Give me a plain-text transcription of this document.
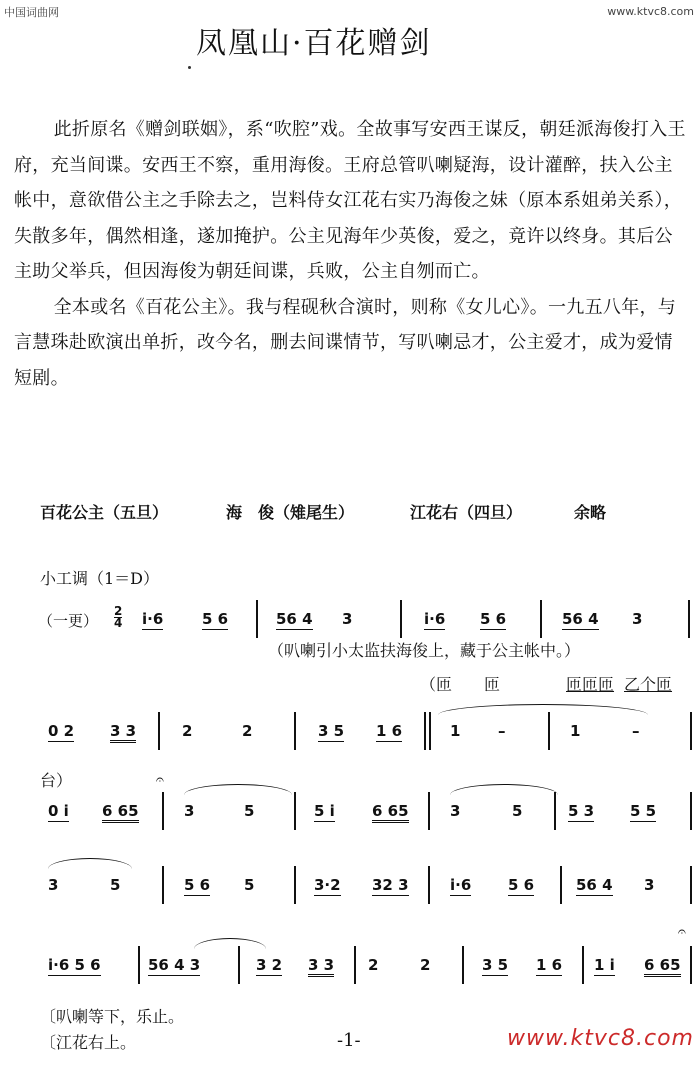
中国词曲网	www.ktvc8.com
凤凰山·百花赠剑

此折原名《赠剑联姻》，系“吹腔”戏。全故事写安西王谋反，朝廷派海俊打入王府，充当间谍。安西王不察，重用海俊。王府总管叭喇疑海，设计灌醉，扶入公主帐中，意欲借公主之手除去之，岂料侍女江花右实乃海俊之妹（原本系姐弟关系），失散多年，偶然相逢，遂加掩护。公主见海年少英俊，爱之，竟许以终身。其后公主助父举兵，但因海俊为朝廷间谍，兵败，公主自刎而亡。

全本或名《百花公主》。我与程砚秋合演时，则称《女儿心》。一九五八年，与言慧珠赴欧演出单折，改今名，删去间谍情节，写叭喇忌才，公主爱才，成为爱情短剧。

百花公主（五旦）	海　俊（雉尾生）	江花右（四旦）	余略
小工调（1＝D）
（一更） $\frac{2}{4} i\cdot 6$	5 6	56 4 3	i·6 5 6	56 4 3
（叭喇引小太监扶海俊上，藏于公主帐中。）
（匝　　匝	匝匝匝 乙个匝
0 2 3 3	2	2	3 5 1 6	1	–	1	–
台）	𝄐
0 i 6 65	3	5	5 i 6 65	3	5	5 3 5 5
3	5	5 6 5	3·2 32 3	i·6 5 6	56 4 3
𝄐
i·6 5 6	56 4 3	3 2 3 3 2	2	3 5 1 6 1 i 6 65
〔叭喇等下，乐止。
〔江花右上。	-1-	www.ktvc8.com
